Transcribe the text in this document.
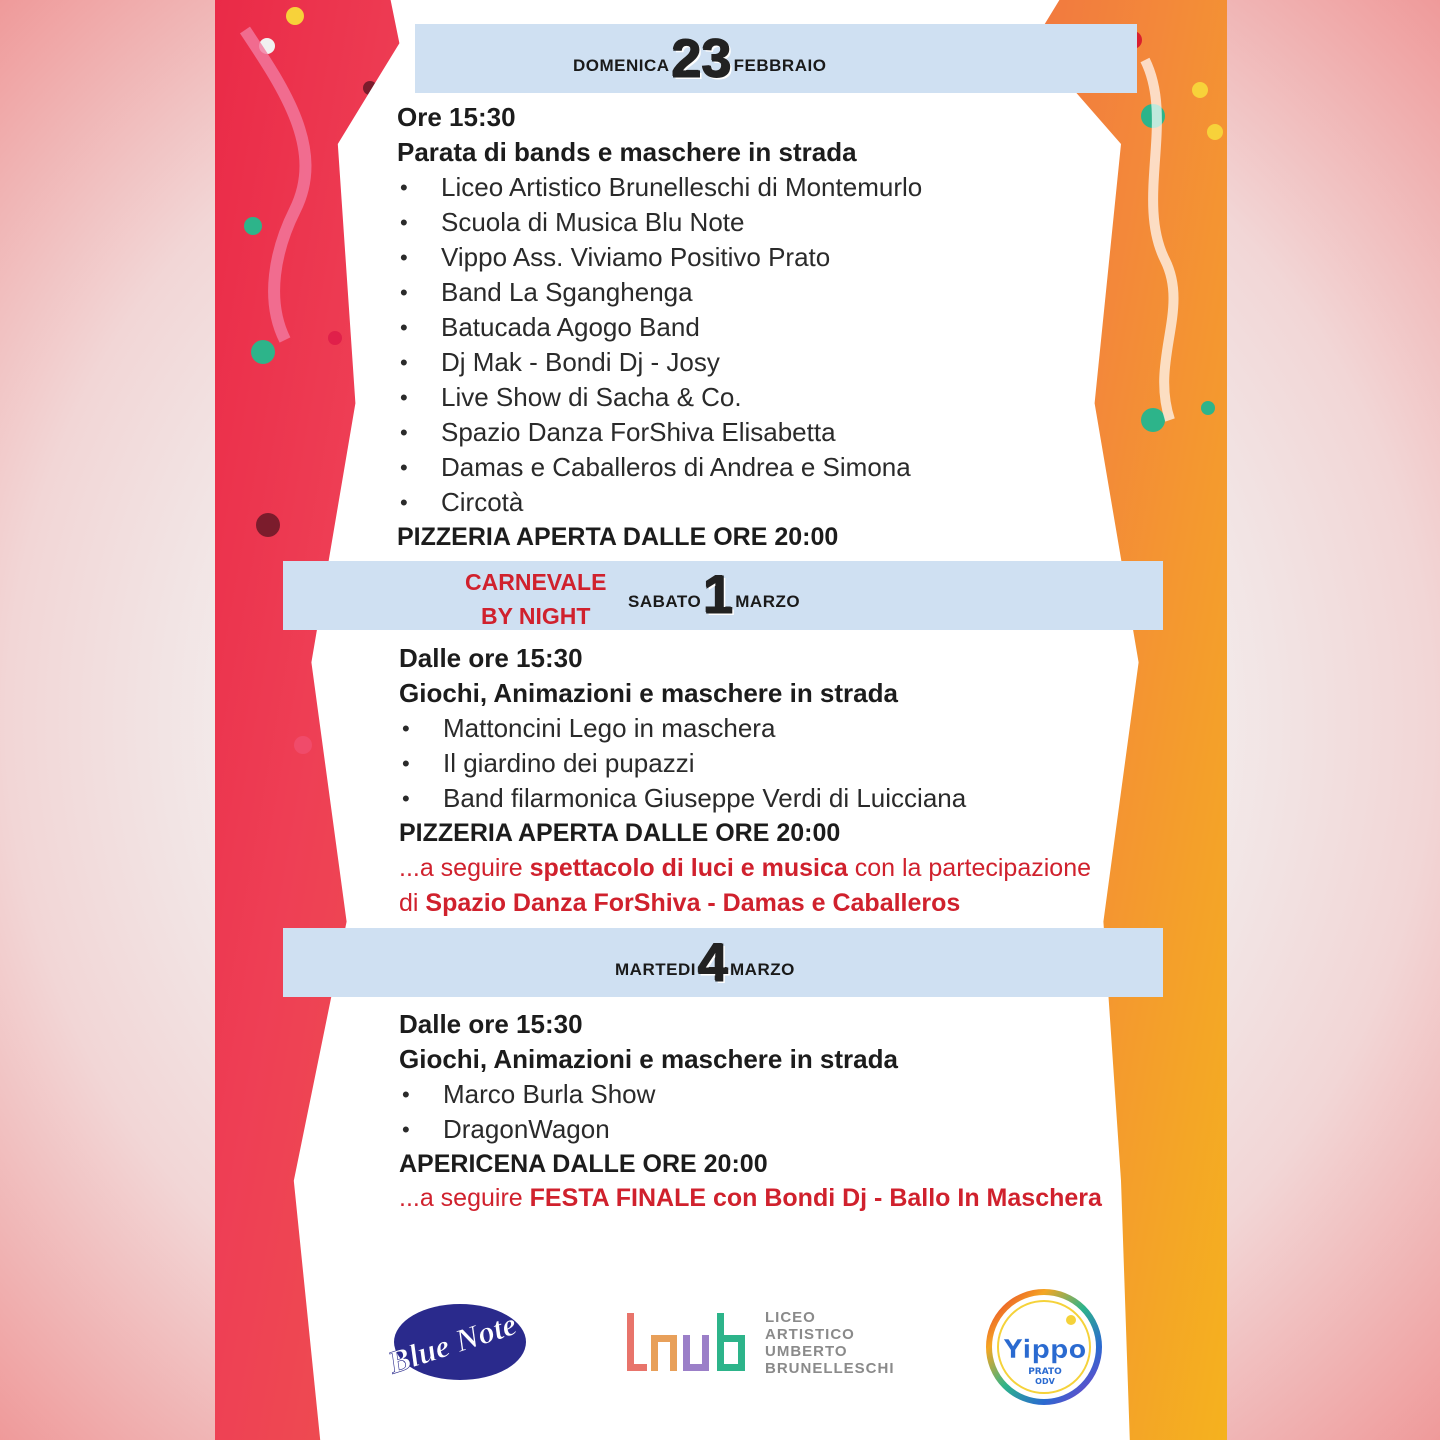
DOMENICA 23 FEBBRAIO
Ore 15:30
Parata di bands e maschere in strada
• Liceo Artistico Brunelleschi di Montemurlo
• Scuola di Musica Blu Note
• Vippo Ass. Viviamo Positivo Prato
• Band La Sganghenga
• Batucada Agogo Band
• Dj Mak - Bondi Dj - Josy
• Live Show di Sacha & Co.
• Spazio Danza ForShiva Elisabetta
• Damas e Caballeros di Andrea e Simona
• Circotà
PIZZERIA APERTA DALLE ORE 20:00
CARNEVALE
BY NIGHT
SABATO 1 MARZO
Dalle ore 15:30
Giochi, Animazioni e maschere in strada
• Mattoncini Lego in maschera
• Il giardino dei pupazzi
• Band filarmonica Giuseppe Verdi di Luicciana
PIZZERIA APERTA DALLE ORE 20:00
...a seguire spettacolo di luci e musica con la partecipazione
di Spazio Danza ForShiva - Damas e Caballeros
MARTEDI 4 MARZO
Dalle ore 15:30
Giochi, Animazioni e maschere in strada
• Marco Burla Show
• DragonWagon
APERICENA DALLE ORE 20:00
...a seguire FESTA FINALE con Bondi Dj - Ballo In Maschera
Blue Note	LICEO
ARTISTICO
UMBERTO
BRUNELLESCHI
Yippo
PRATO
ODV
